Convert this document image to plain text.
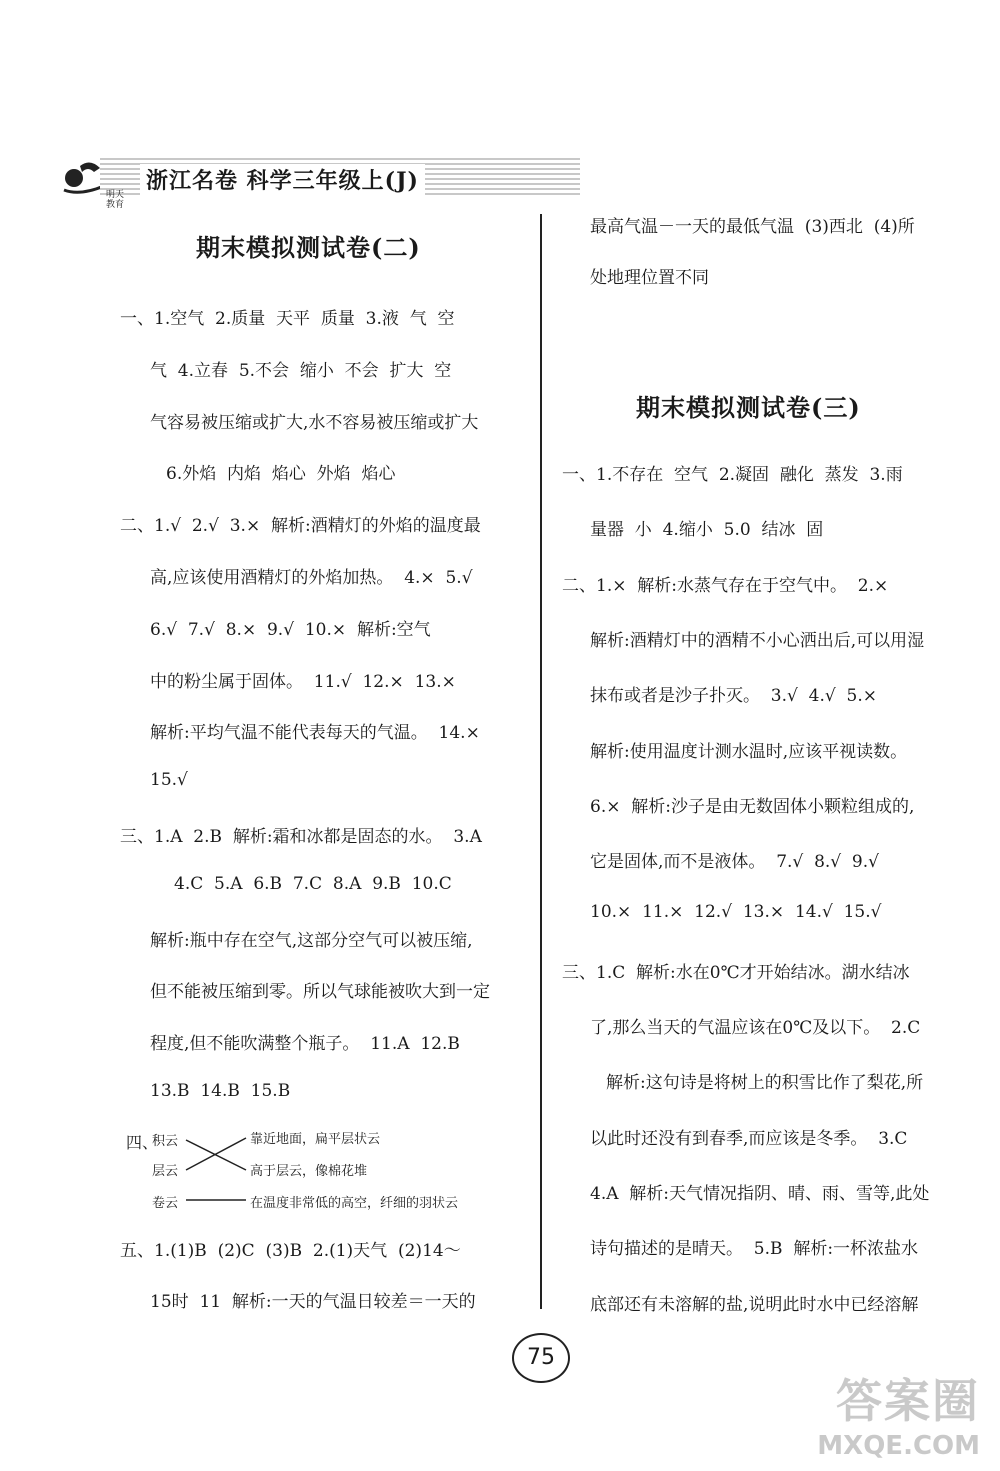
浙江名卷 科学三年级上(J)
明天教育
期末模拟测试卷(二)
一、1.空气  2.质量  天平  质量  3.液  气  空
气  4.立春  5.不会  缩小  不会  扩大  空
气容易被压缩或扩大,水不容易被压缩或扩大
6.外焰  内焰  焰心  外焰  焰心
二、1.√  2.√  3.×  解析:酒精灯的外焰的温度最
高,应该使用酒精灯的外焰加热。  4.×  5.√
6.√  7.√  8.×  9.√  10.×  解析:空气
中的粉尘属于固体。  11.√  12.×  13.×
解析:平均气温不能代表每天的气温。  14.×
15.√
三、1.A  2.B  解析:霜和冰都是固态的水。  3.A
4.C  5.A  6.B  7.C  8.A  9.B  10.C
解析:瓶中存在空气,这部分空气可以被压缩,
但不能被压缩到零。所以气球能被吹大到一定
程度,但不能吹满整个瓶子。  11.A  12.B
13.B  14.B  15.B
四、
积云
层云
卷云
靠近地面，扁平层状云
高于层云，像棉花堆
在温度非常低的高空，纤细的羽状云
五、1.(1)B  (2)C  (3)B  2.(1)天气  (2)14～
15时  11  解析:一天的气温日较差＝一天的
最高气温－一天的最低气温  (3)西北  (4)所
处地理位置不同
期末模拟测试卷(三)
一、1.不存在  空气  2.凝固  融化  蒸发  3.雨
量器  小  4.缩小  5.0  结冰  固
二、1.×  解析:水蒸气存在于空气中。  2.×
解析:酒精灯中的酒精不小心洒出后,可以用湿
抹布或者是沙子扑灭。  3.√  4.√  5.×
解析:使用温度计测水温时,应该平视读数。
6.×  解析:沙子是由无数固体小颗粒组成的,
它是固体,而不是液体。  7.√  8.√  9.√
10.×  11.×  12.√  13.×  14.√  15.√
三、1.C  解析:水在0℃才开始结冰。湖水结冰
了,那么当天的气温应该在0℃及以下。  2.C
解析:这句诗是将树上的积雪比作了梨花,所
以此时还没有到春季,而应该是冬季。  3.C
4.A  解析:天气情况指阴、晴、雨、雪等,此处
诗句描述的是晴天。  5.B  解析:一杯浓盐水
底部还有未溶解的盐,说明此时水中已经溶解
75
答案圈
MXQE.COM
